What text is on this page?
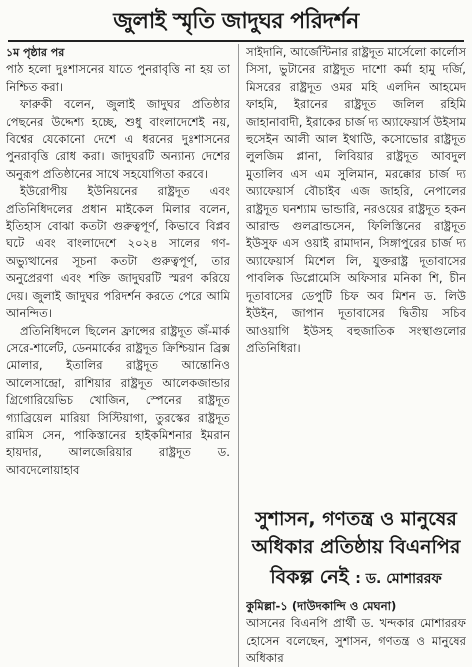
জুলাই স্মৃতি জাদুঘর পরিদর্শন

১ম পৃষ্ঠার পর

পাঠ হলো দুঃশাসনের যাতে পুনরাবৃত্তি না হয় তা নিশ্চিত করা।

ফারুকী বলেন, জুলাই জাদুঘর প্রতিষ্ঠার পেছনের উদ্দেশ্য হচ্ছে, শুধু বাংলাদেশেই নয়, বিশ্বের যেকোনো দেশে এ ধরনের দুঃশাসনের পুনরাবৃত্তি রোধ করা। জাদুঘরটি অন্যান্য দেশের অনুরূপ প্রতিষ্ঠানের সাথে সহযোগিতা করবে।

ইউরোপীয় ইউনিয়নের রাষ্ট্রদূত এবং প্রতিনিধিদলের প্রধান মাইকেল মিলার বলেন, ইতিহাস বোঝা কতটা গুরুত্বপূর্ণ, কিভাবে বিপ্লব ঘটে এবং বাংলাদেশে ২০২৪ সালের গণ-অভ্যুত্থানের সূচনা কতটা গুরুত্বপূর্ণ, তার অনুপ্রেরণা এবং শক্তি জাদুঘরটি স্মরণ করিয়ে দেয়। জুলাই জাদুঘর পরিদর্শন করতে পেরে আমি আনন্দিত।

প্রতিনিধিদলে ছিলেন ফ্রান্সের রাষ্ট্রদূত জঁ-মার্ক সেরে-শার্লেট, ডেনমার্কের রাষ্ট্রদূত ক্রিশ্চিয়ান ব্রিক্স মোলার, ইতালির রাষ্ট্রদূত আন্তোনিও আলেসান্দ্রো, রাশিয়ার রাষ্ট্রদূত আলেকজান্ডার গ্রিগোরিয়েভিচ খোজিন, স্পেনের রাষ্ট্রদূত গ্যাব্রিয়েল মারিয়া সিস্টিয়াগা, তুরস্কের রাষ্ট্রদূত রামিস সেন, পাকিস্তানের হাইকমিশনার ইমরান হায়দার, আলজেরিয়ার রাষ্ট্রদূত ড. আবদেলোয়াহাব

সাইদানি, আর্জেন্টিনার রাষ্ট্রদূত মার্সেলো কার্লোস সিসা, ভুটানের রাষ্ট্রদূত দাশো কর্মা হামু দর্জি, মিসরের রাষ্ট্রদূত ওমর মহি এলদিন আহমেদ ফাহমি, ইরানের রাষ্ট্রদূত জলিল রহিমি জাহানাবাদী, ইরাকের চার্জ দ্য অ্যাফেয়ার্স উইসাম হুসেইন আলী আল ইথাউি, কসোভোর রাষ্ট্রদূত লুলজিম প্লানা, লিবিয়ার রাষ্ট্রদূত আবদুল মুতালিব এস এম সুলিমান, মরক্কোর চার্জ দ্য অ্যাফেয়ার্স বৌচাইব এজ জাহরি, নেপালের রাষ্ট্রদূত ঘনশ্যাম ভান্ডারি, নরওয়ের রাষ্ট্রদূত হকন আরাল্ড গুলব্রান্ডসেন, ফিলিস্তিনের রাষ্ট্রদূত ইউসুফ এস ওয়াই রামাদান, সিঙ্গাপুরের চার্জ দ্য অ্যাফেয়ার্স মিশেল লি, যুক্তরাষ্ট্র দূতাবাসের পাবলিক ডিপ্লোমেসি অফিসার মনিকা শি, চীন দূতাবাসের ডেপুটি চিফ অব মিশন ড. লিউ ইউইন, জাপান দূতাবাসের দ্বিতীয় সচিব আওয়াগি ইউসহ বহুজাতিক সংস্থাগুলোর প্রতিনিধিরা।

সুশাসন, গণতন্ত্র ও মানুষের
অধিকার প্রতিষ্ঠায় বিএনপির
বিকল্প নেই : ড. মোশাররফ

কুমিল্লা-১ (দাউদকান্দি ও মেঘনা)

আসনের বিএনপি প্রার্থী ড. খন্দকার মোশাররফ হোসেন বলেছেন, সুশাসন, গণতন্ত্র ও মানুষের অধিকার
